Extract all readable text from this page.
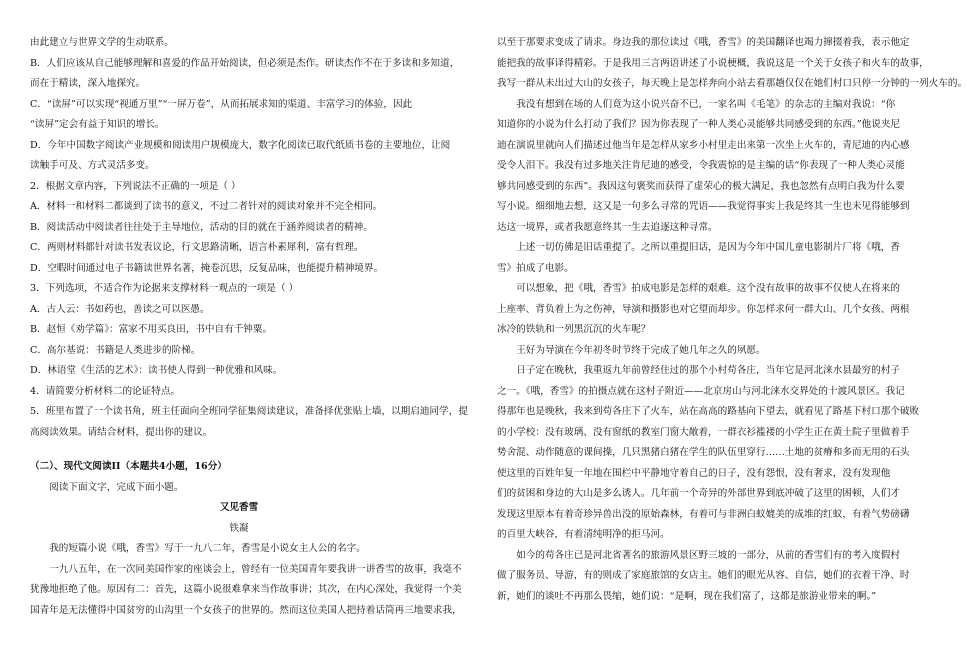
由此建立与世界文学的生动联系。
B．人们应该从自己能够理解和喜爱的作品开始阅读，但必须是杰作。研读杰作不在于多读和多知道，
而在于精读，深入地探究。
C．“读屏”可以实现“视通万里”“一屏万卷”，从而拓展求知的渠道、丰富学习的体验，因此
“读屏”定会有益于知识的增长。
D．今年中国数字阅读产业规模和阅读用户规模庞大，数字化阅读已取代纸质书卷的主要地位，让阅
读触手可及、方式灵活多变。
2．根据文章内容，下列说法不正确的一项是（ ）
A．材料一和材料二都谈到了读书的意义，不过二者针对的阅读对象并不完全相同。
B．阅读活动中阅读者往往处于主导地位，活动的目的就在于涵养阅读者的精神。
C．两则材料都针对读书发表议论，行文思路清晰，语言朴素犀利，富有哲理。
D．空暇时间通过电子书籍读世界名著，掩卷沉思，反复品味，也能提升精神境界。
3．下列选项，不适合作为论据来支撑材料一观点的一项是（ ）
A．古人云：书如药也，善读之可以医愚。
B．赵恒《劝学篇》：富家不用买良田，书中自有千钟粟。
C．高尔基说：书籍是人类进步的阶梯。
D．林语堂《生活的艺术》：读书使人得到一种优雅和风味。
4．请简要分析材料二的论证特点。
5．班里布置了一个读书角，班主任面向全班同学征集阅读建议，准备择优张贴上墙，以期启迪同学，提
高阅读效果。请结合材料，提出你的建议。
（二）、现代文阅读II（本题共4小题，16分）
阅读下面文字，完成下面小题。
又见香雪
铁凝
我的短篇小说《哦，香雪》写于一九八二年，香雪是小说女主人公的名字。
一九八五年，在一次同美国作家的座谈会上，曾经有一位美国青年要我讲一讲香雪的故事，我毫不
犹豫地拒绝了他。原因有二：首先，这篇小说很难拿来当作故事讲；其次，在内心深处，我觉得一个美
国青年是无法懂得中国贫穷的山沟里一个女孩子的世界的。然而这位美国人把持着话筒再三地要求我，
以至于那要求变成了请求。身边我的那位读过《哦，香雪》的美国翻译也竭力撺掇着我，表示他定
能把我的故事译得精彩。于是我用三言两语讲述了小说梗概，我说这是一个关于女孩子和火车的故事，
我写一群从未出过大山的女孩子，每天晚上是怎样奔向小站去看那趟仅仅在她们村口只停一分钟的一列火车的。
我没有想到在场的人们竟为这小说兴奋不已，一家名叫《毛笔》的杂志的主编对我说：“你
知道你的小说为什么打动了我们？因为你表现了一种人类心灵能够共同感受到的东西。”他说夹尼
迪在演说里就向人们描述过他当年是怎样从家乡小村里走出来第一次坐上火车的，青尼迪的内心感
受令人泪下。我没有过多地关注肯尼迪的感受，令我震惊的是主编的话“你表现了一种人类心灵能
够共同感受到的东西”。我因这句褒奖而获得了虚荣心的极大满足，我也忽然有点明白我为什么要
写小说。细细地去想，这又是一句多么寻常的咒语——我觉得事实上我是终其一生也未见得能够到
达这一境界，或者我愿意终其一生去追逐这种寻常。
上述一切仿佛是旧话重提了。之所以重提旧话，是因为今年中国儿童电影制片厂将《哦，香
雪》拍成了电影。
可以想象，把《哦，香雪》拍成电影是怎样的艰难。这个没有故事的故事不仅使人在将来的
上座率、背负着上为之伤神，导演和摄影也对它望而却步。你怎样求何一群大山、几个女孩、两根
冰冷的铁轨和一列黑沉沉的火车呢？
王好为导演在今年初冬时节终于完成了她几年之久的夙愿。
日子定在晚秋，我重返九年前曾经住过的那个小村苟各庄，当年它是河北涞水县最穷的村子
之一。《哦，香雪》的拍摄点就在这村子附近——北京房山与河北涞水交界处的十渡风景区。我记
得那年也是晚秋，我来到苟各庄下了火车，站在高高的路基向下望去，就看见了路基下村口那个破败
的小学校：没有玻璃、没有窗纸的教室门窗大敞着，一群衣衫褴褛的小学生正在黄土院子里做着手
势舍混、动作随意的课间操，几只黑猪白猪在学生的队伍里穿行……土地的贫瘠和多而无用的石头
使这里的百姓年复一年地在围栏中平静地守着自己的日子，没有怨恨，没有奢求，没有发现他
们的贫困和身边的大山是多么诱人。几年前一个奇异的外部世界到底冲破了这里的困顿，人们才
发现这里原本有着奇珍异兽出没的原始森林，有着可与非洲白蚁媲美的成堆的红蚁，有着气势磅礴
的百里大峡谷，有着清纯明净的拒马河。
如今的苟各庄已是河北省著名的旅游风景区野三坡的一部分，从前的香雪们有的考入度假村
做了服务员、导游，有的则成了家庭旅馆的女店主。她们的眼光从容、自信，她们的衣着干净、时
新，她们的谈吐不再那么畏缩，她们说：“是啊，现在我们富了，这都是旅游业带来的啊。”
